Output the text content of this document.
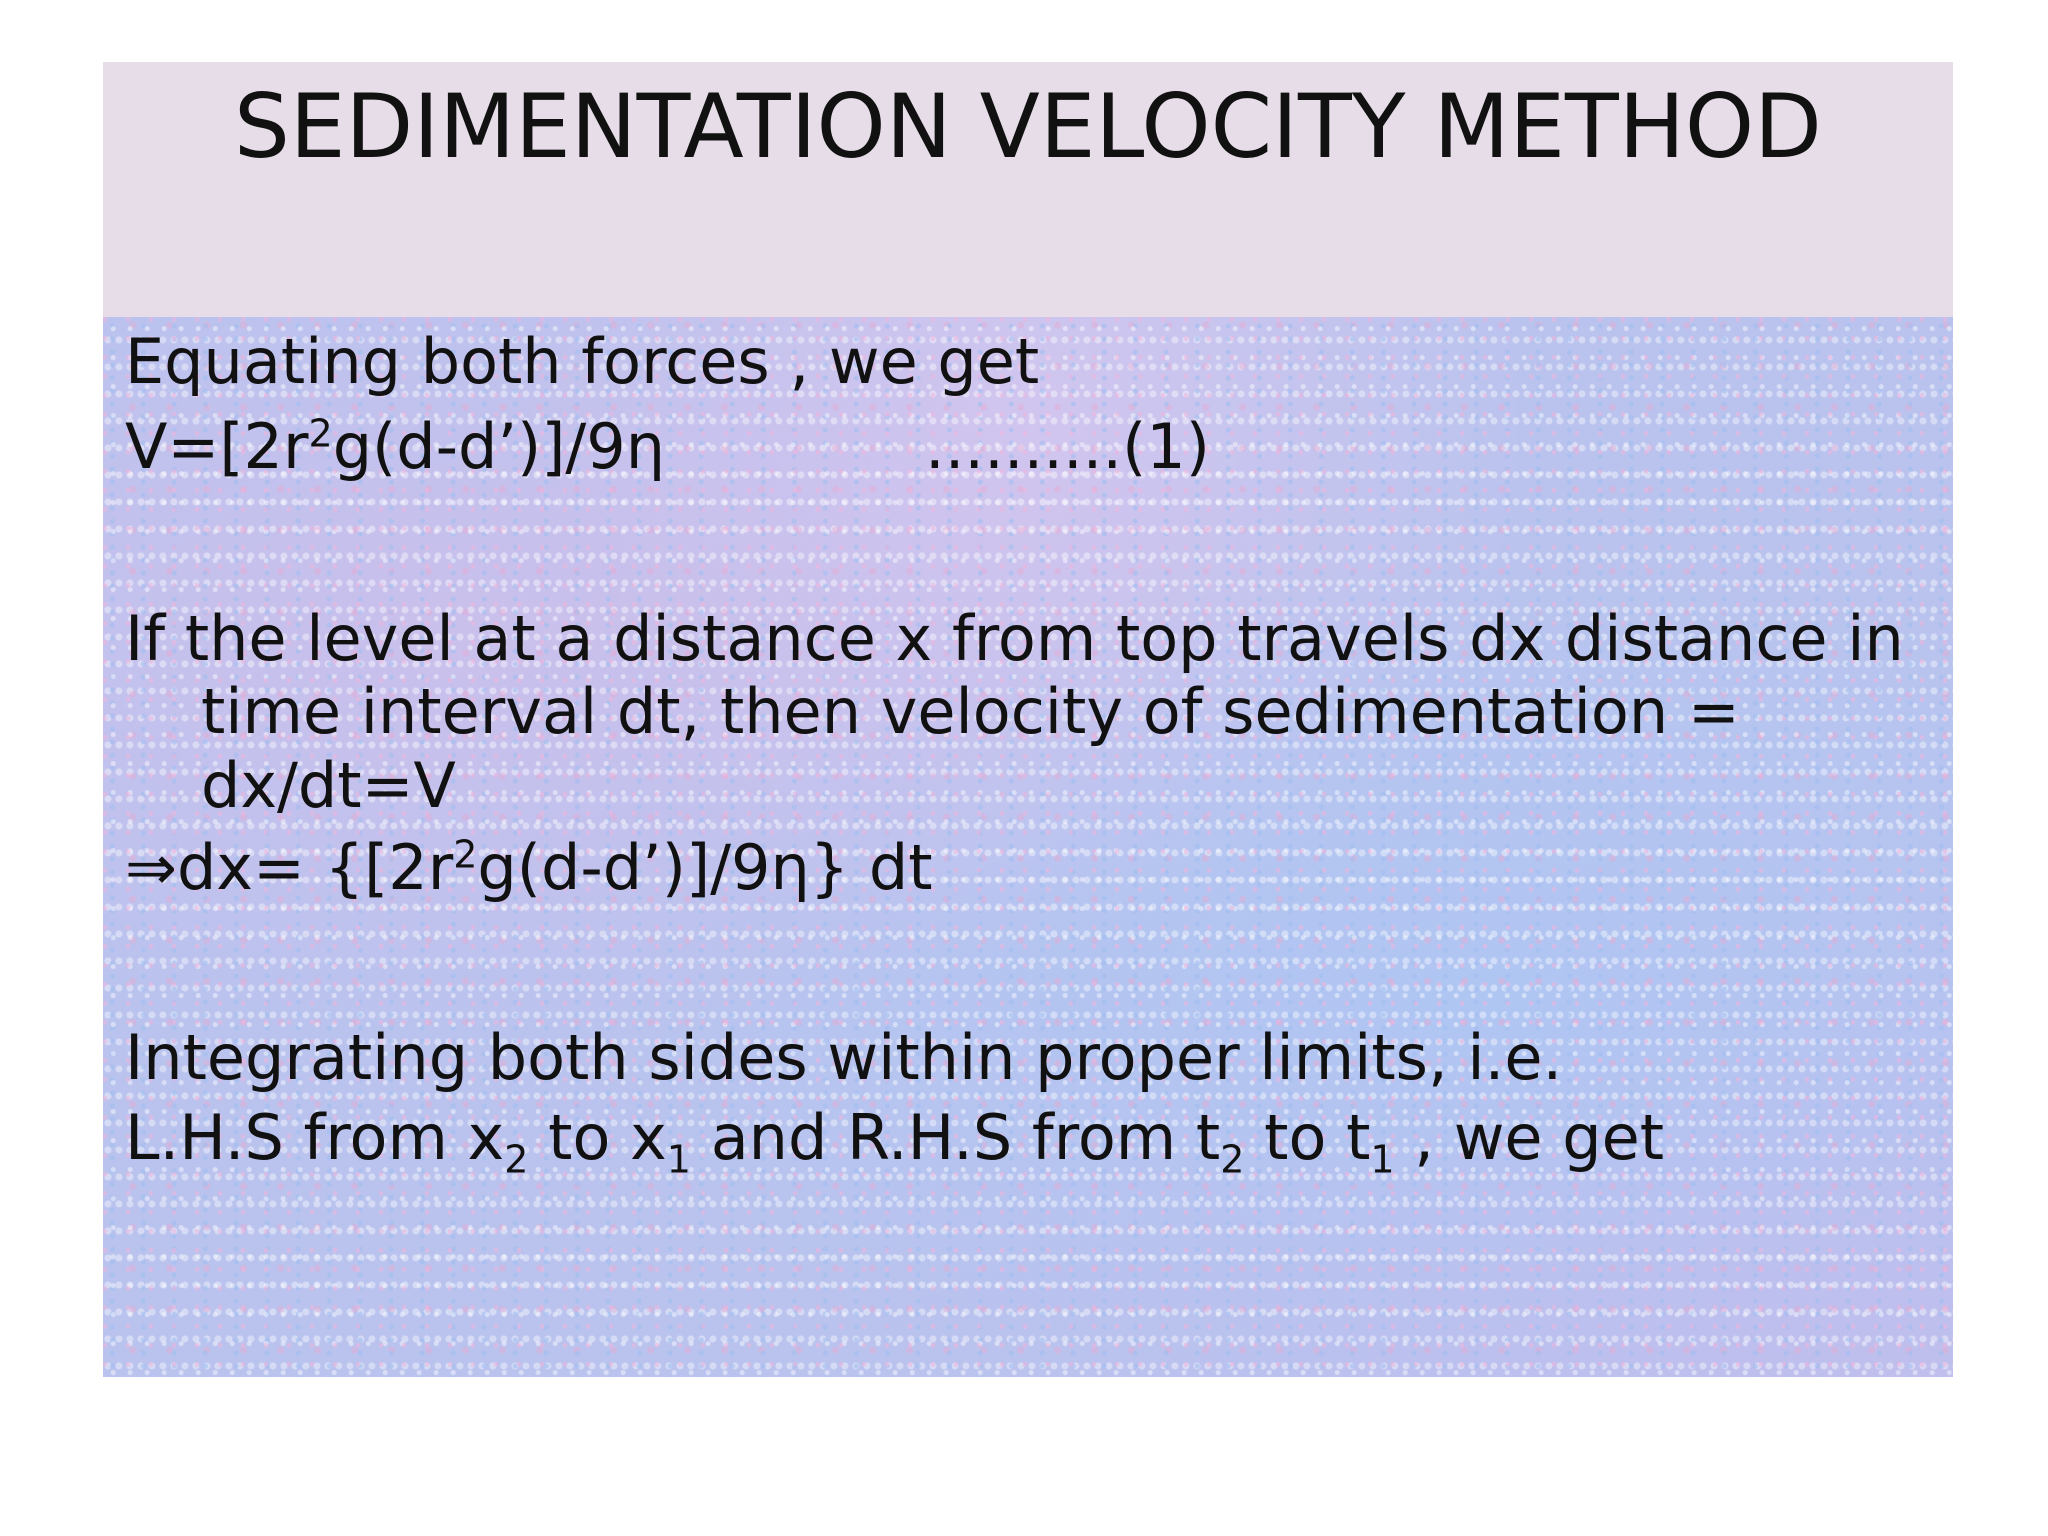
SEDIMENTATION VELOCITY METHOD

Equating both forces , we get

$V=[2r^2g(d-d’)]/9\eta$	..........(1)

If the level at a distance x from top travels dx distance in

time interval dt, then velocity of sedimentation =

dx/dt=V

⇒dx= $\{[2r^2g(d-d’)]/9\eta\}$ dt

Integrating both sides within proper limits, i.e.

L.H.S from $x_2$ to $x_1$ and R.H.S from $t_2$ to $t_1$ , we get
